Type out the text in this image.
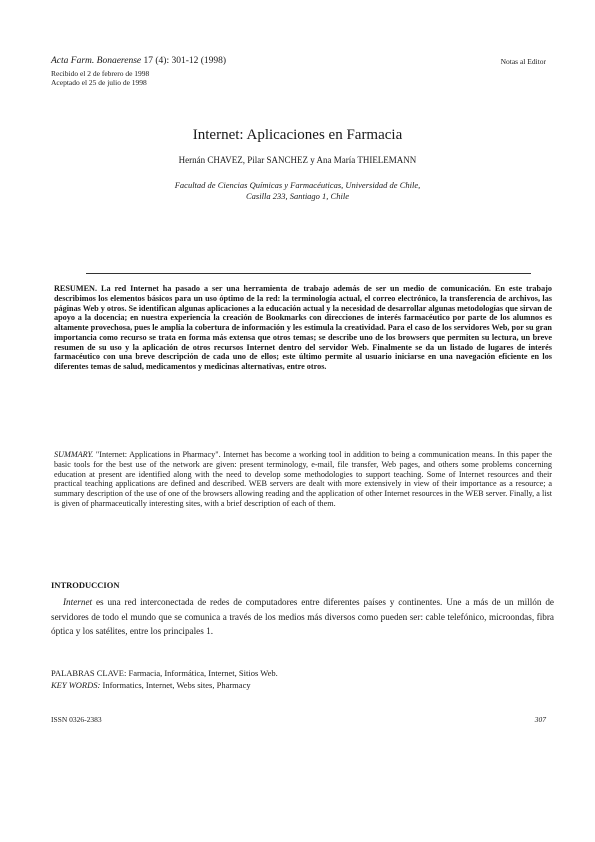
Acta Farm. Bonaerense 17 (4): 301-12 (1998)
Recibido el 2 de febrero de 1998
Aceptado el 25 de julio de 1998
Notas al Editor
Internet: Aplicaciones en Farmacia
Hernán CHAVEZ, Pilar SANCHEZ y Ana María THIELEMANN
Facultad de Ciencias Químicas y Farmacéuticas, Universidad de Chile,
Casilla 233, Santiago 1, Chile
RESUMEN. La red Internet ha pasado a ser una herramienta de trabajo además de ser un medio de comunicación. En este trabajo describimos los elementos básicos para un uso óptimo de la red: la terminología actual, el correo electrónico, la transferencia de archivos, las páginas Web y otros. Se identifican algunas aplicaciones a la educación actual y la necesidad de desarrollar algunas metodologías que sirvan de apoyo a la docencia; en nuestra experiencia la creación de Bookmarks con direcciones de interés farmacéutico por parte de los alumnos es altamente provechosa, pues le amplía la cobertura de información y les estimula la creatividad. Para el caso de los servidores Web, por su gran importancia como recurso se trata en forma más extensa que otros temas; se describe uno de los browsers que permiten su lectura, un breve resumen de su uso y la aplicación de otros recursos Internet dentro del servidor Web. Finalmente se da un listado de lugares de interés farmacéutico con una breve descripción de cada uno de ellos; este último permite al usuario iniciarse en una navegación eficiente en los diferentes temas de salud, medicamentos y medicinas alternativas, entre otros.
SUMMARY. "Internet: Applications in Pharmacy". Internet has become a working tool in addition to being a communication means. In this paper the basic tools for the best use of the network are given: present terminology, e-mail, file transfer, Web pages, and others some problems concerning education at present are identified along with the need to develop some methodologies to support teaching. Some of Internet resources and their practical teaching applications are defined and described. WEB servers are dealt with more extensively in view of their importance as a resource; a summary description of the use of one of the browsers allowing reading and the application of other Internet resources in the WEB server. Finally, a list is given of pharmaceutically interesting sites, with a brief description of each of them.
INTRODUCCION
Internet es una red interconectada de redes de computadores entre diferentes países y continentes. Une a más de un millón de servidores de todo el mundo que se comunica a través de los medios más diversos como pueden ser: cable telefónico, microondas, fibra óptica y los satélites, entre los principales 1.
PALABRAS CLAVE: Farmacia, Informática, Internet, Sitios Web.
KEY WORDS: Informatics, Internet, Webs sites, Pharmacy
ISSN 0326-2383	307
